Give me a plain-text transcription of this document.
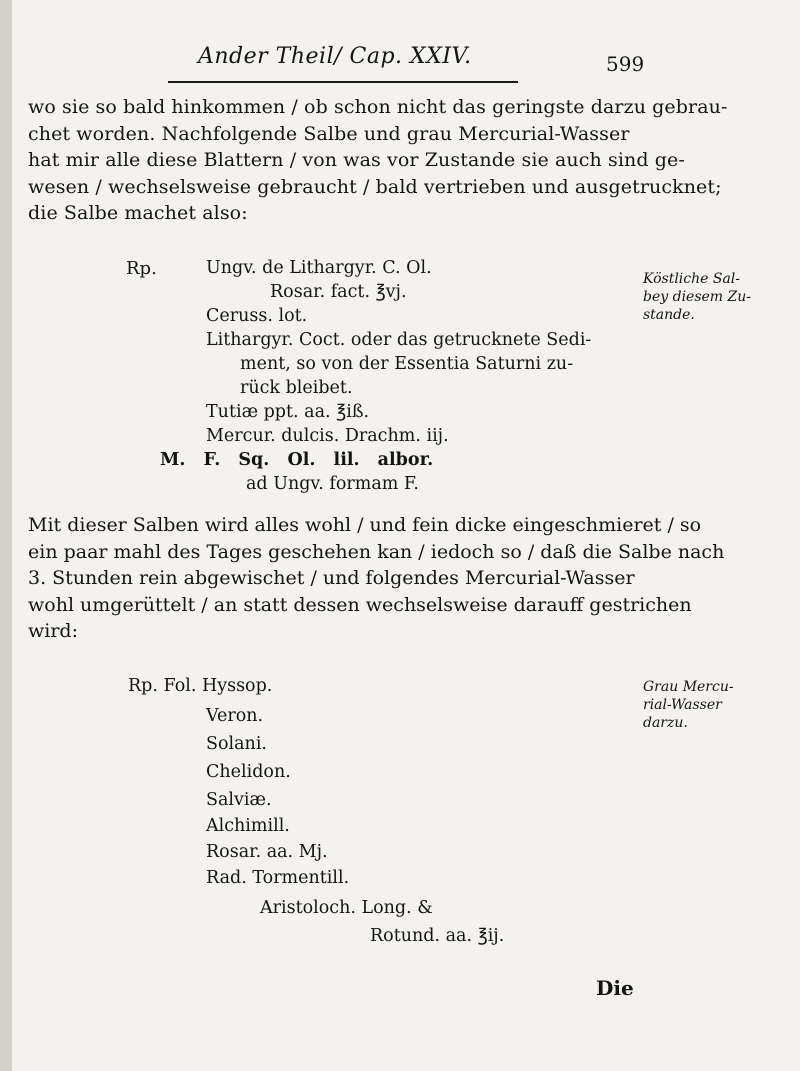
Ander Theil/ Cap. XXIV.	599
wo sie so bald hinkommen / ob schon nicht das geringste darzu gebrau-
chet worden. Nachfolgende Salbe und grau Mercurial-Wasser
hat mir alle diese Blattern / von was vor Zustande sie auch sind ge-
wesen / wechselsweise gebraucht / bald vertrieben und ausgetrucknet;
die Salbe machet also:
Rp.	Ungv. de Lithargyr. C. Ol.
Rosar. fact. ℥vj.
Ceruss. lot.
Lithargyr. Coct. oder das getrucknete Sedi-
ment, so von der Essentia Saturni zu-
rück bleibet.
Tutiæ ppt. aa. ℥iß.
Mercur. dulcis. Drachm. iij.
M. F. Sq. Ol. lil. albor.
ad Ungv. formam F.
Köstliche Sal-
bey diesem Zu-
stande.
Mit dieser Salben wird alles wohl / und fein dicke eingeschmieret / so
ein paar mahl des Tages geschehen kan / iedoch so / daß die Salbe nach
3. Stunden rein abgewischet / und folgendes Mercurial-Wasser
wohl umgerüttelt / an statt dessen wechselsweise darauff gestrichen
wird:
Rp. Fol. Hyssop.
Veron.
Solani.
Chelidon.
Salviæ.
Alchimill.
Rosar. aa. Mj.
Rad. Tormentill.
Aristoloch. Long. &
Rotund. aa. ℥ij.
Grau Mercu-
rial-Wasser
darzu.
Die
